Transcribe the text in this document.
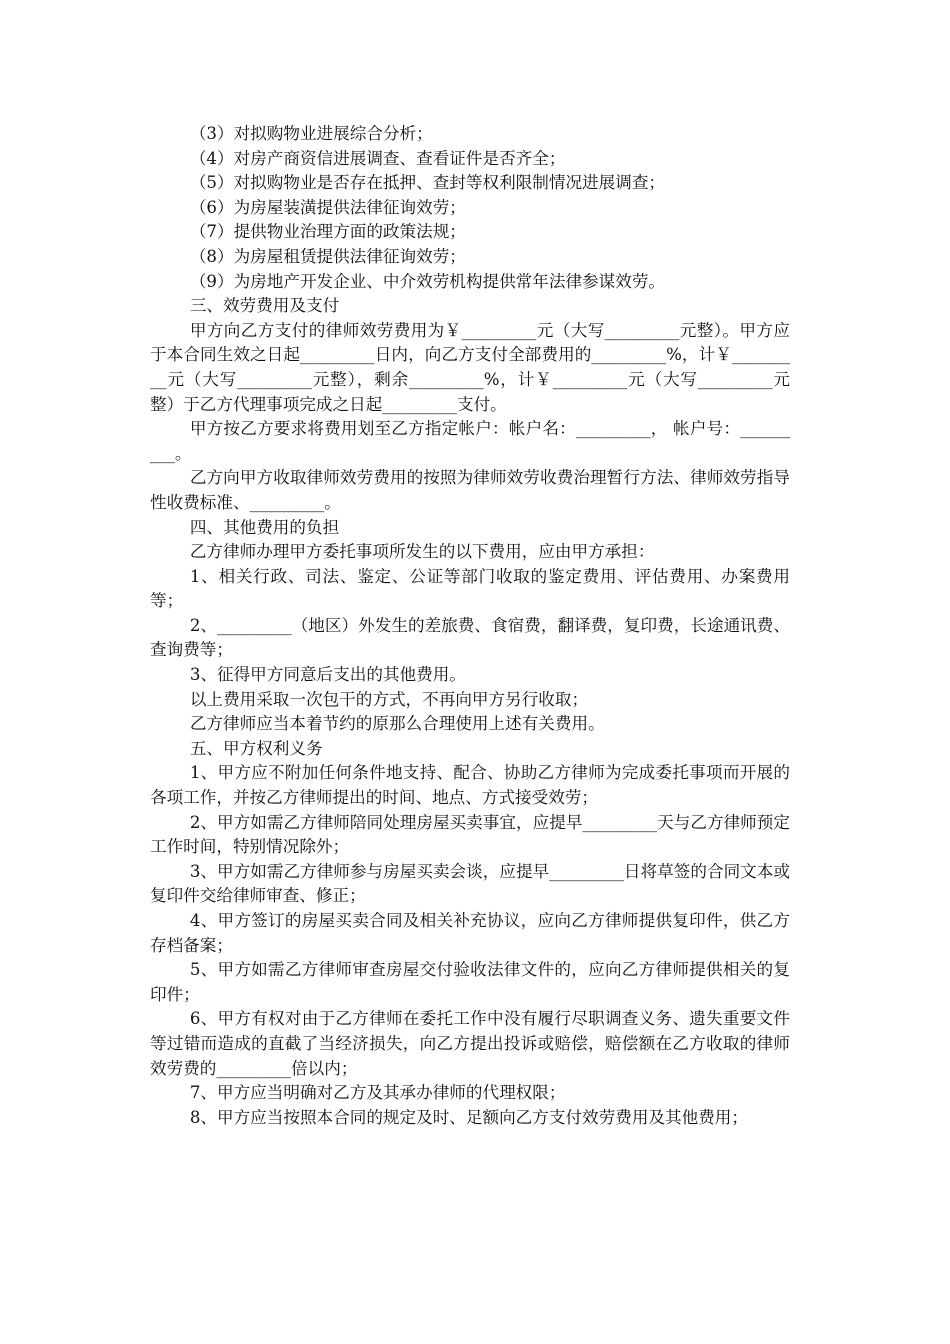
（3）对拟购物业进展综合分析；

（4）对房产商资信进展调查、查看证件是否齐全；

（5）对拟购物业是否存在抵押、查封等权利限制情况进展调查；

（6）为房屋装潢提供法律征询效劳；

（7）提供物业治理方面的政策法规；

（8）为房屋租赁提供法律征询效劳；

（9）为房地产开发企业、中介效劳机构提供常年法律参谋效劳。

三、效劳费用及支付

甲方向乙方支付的律师效劳费用为￥_________元（大写_________元整）。甲方应于本合同生效之日起_________日内，向乙方支付全部费用的_________%，计￥_________元（大写_________元整），剩余_________%，计￥_________元（大写_________元整）于乙方代理事项完成之日起_________支付。

甲方按乙方要求将费用划至乙方指定帐户：帐户名：_________， 帐户号：_________。

乙方向甲方收取律师效劳费用的按照为律师效劳收费治理暂行方法、律师效劳指导性收费标准、_________。

四、其他费用的负担

乙方律师办理甲方委托事项所发生的以下费用，应由甲方承担：

1、相关行政、司法、鉴定、公证等部门收取的鉴定费用、评估费用、办案费用等；

2、_________（地区）外发生的差旅费、食宿费，翻译费，复印费，长途通讯费、查询费等；

3、征得甲方同意后支出的其他费用。

以上费用采取一次包干的方式，不再向甲方另行收取；

乙方律师应当本着节约的原那么合理使用上述有关费用。

五、甲方权利义务

1、甲方应不附加任何条件地支持、配合、协助乙方律师为完成委托事项而开展的各项工作，并按乙方律师提出的时间、地点、方式接受效劳；

2、甲方如需乙方律师陪同处理房屋买卖事宜，应提早_________天与乙方律师预定工作时间，特别情况除外；

3、甲方如需乙方律师参与房屋买卖会谈，应提早_________日将草签的合同文本或复印件交给律师审查、修正；

4、甲方签订的房屋买卖合同及相关补充协议，应向乙方律师提供复印件，供乙方存档备案；

5、甲方如需乙方律师审查房屋交付验收法律文件的，应向乙方律师提供相关的复印件；

6、甲方有权对由于乙方律师在委托工作中没有履行尽职调查义务、遗失重要文件等过错而造成的直截了当经济损失，向乙方提出投诉或赔偿，赔偿额在乙方收取的律师效劳费的_________倍以内；

7、甲方应当明确对乙方及其承办律师的代理权限；

8、甲方应当按照本合同的规定及时、足额向乙方支付效劳费用及其他费用；
